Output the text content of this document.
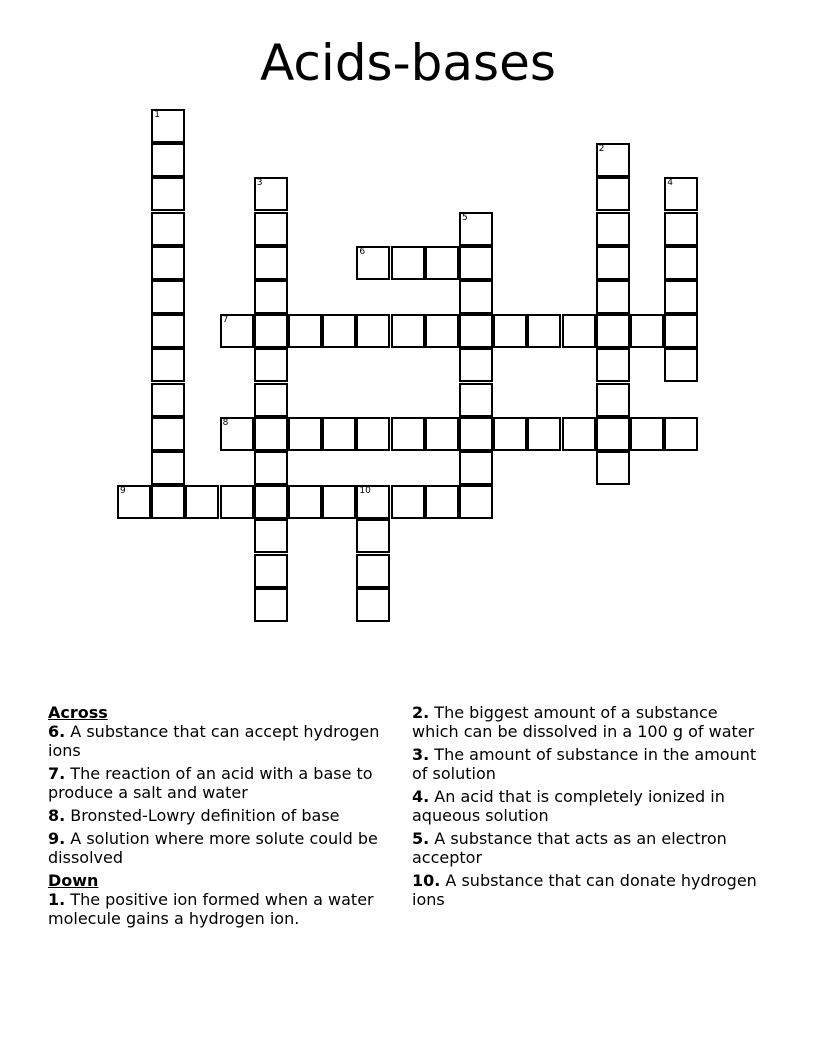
Acids-bases
1
2
3	4
5
6
7
8
9	10
Across
6. A substance that can accept hydrogen ions
7. The reaction of an acid with a base to produce a salt and water
8. Bronsted-Lowry definition of base
9. A solution where more solute could be dissolved
Down
1. The positive ion formed when a water molecule gains a hydrogen ion.
2. The biggest amount of a substance which can be dissolved in a 100 g of water
3. The amount of substance in the amount of solution
4. An acid that is completely ionized in aqueous solution
5. A substance that acts as an electron acceptor
10. A substance that can donate hydrogen ions
